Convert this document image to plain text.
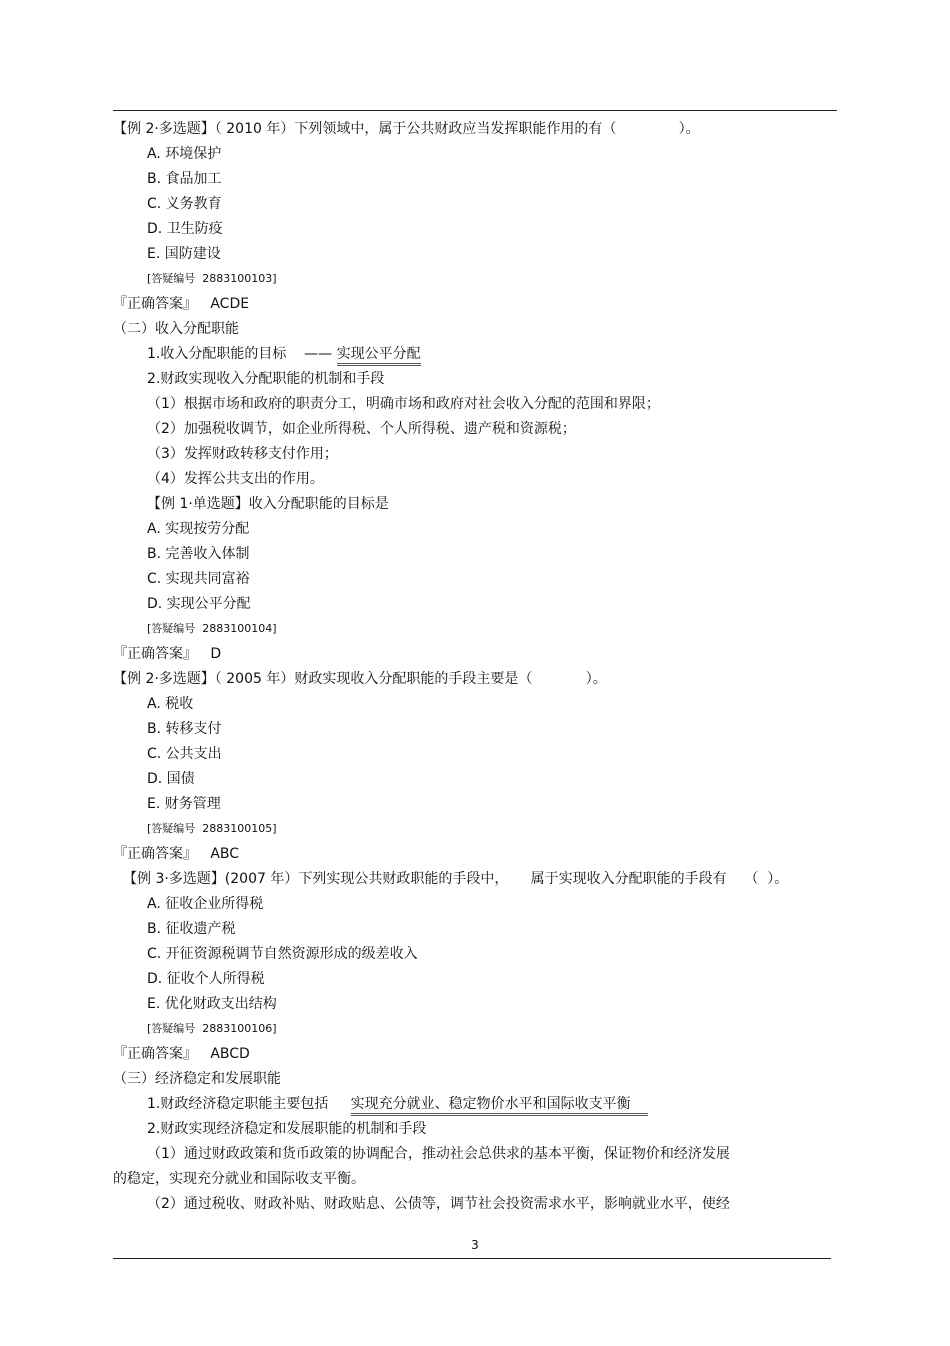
【例 2·多选题】（ 2010 年）下列领域中，属于公共财政应当发挥职能作用的有（              ）。
A. 环境保护
B. 食品加工
C. 义务教育
D. 卫生防疫
E. 国防建设
[答疑编号  2883100103]
『正确答案』   ACDE
（二）收入分配职能
1.收入分配职能的目标    —— 实现公平分配
2.财政实现收入分配职能的机制和手段
（1）根据市场和政府的职责分工，明确市场和政府对社会收入分配的范围和界限；
（2）加强税收调节，如企业所得税、个人所得税、遗产税和资源税；
（3）发挥财政转移支付作用；
（4）发挥公共支出的作用。
【例 1·单选题】收入分配职能的目标是
A. 实现按劳分配
B. 完善收入体制
C. 实现共同富裕
D. 实现公平分配
[答疑编号  2883100104]
『正确答案』   D
【例 2·多选题】（ 2005 年）财政实现收入分配职能的手段主要是（            ）。
A. 税收
B. 转移支付
C. 公共支出
D. 国债
E. 财务管理
[答疑编号  2883100105]
『正确答案』   ABC
【例 3·多选题】(2007 年）下列实现公共财政职能的手段中，     属于实现收入分配职能的手段有    （  ）。
A. 征收企业所得税
B. 征收遗产税
C. 开征资源税调节自然资源形成的级差收入
D. 征收个人所得税
E. 优化财政支出结构
[答疑编号  2883100106]
『正确答案』   ABCD
（三）经济稳定和发展职能
1.财政经济稳定职能主要包括     实现充分就业、稳定物价水平和国际收支平衡
2.财政实现经济稳定和发展职能的机制和手段
（1）通过财政政策和货币政策的协调配合，推动社会总供求的基本平衡，保证物价和经济发展
的稳定，实现充分就业和国际收支平衡。
（2）通过税收、财政补贴、财政贴息、公债等，调节社会投资需求水平，影响就业水平，使经
3
